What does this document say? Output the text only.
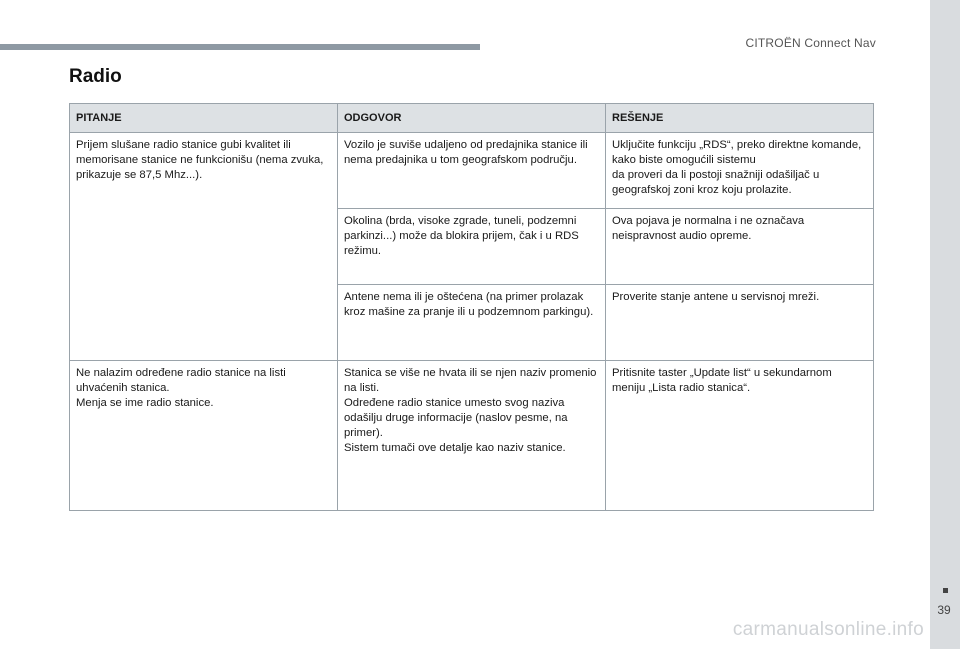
CITROËN Connect Nav
39
carmanualsonline.info
Radio
PITANJE	ODGOVOR	REŠENJE
Prijem slušane radio stanice gubi kvalitet ili memorisane stanice ne funkcionišu (nema zvuka, prikazuje se 87,5 Mhz...).	Vozilo je suviše udaljeno od predajnika stanice ili nema predajnika u tom geografskom području.	Uključite funkciju „RDS“, preko direktne komande, kako biste omogućili sistemu
da proveri da li postoji snažniji odašiljač u geografskoj zoni kroz koju prolazite.
	Okolina (brda, visoke zgrade, tuneli, podzemni parkinzi...) može da blokira prijem, čak i u RDS režimu.	Ova pojava je normalna i ne označava neispravnost audio opreme.
	Antene nema ili je oštećena (na primer prolazak kroz mašine za pranje ili u podzemnom parkingu).	Proverite stanje antene u servisnoj mreži.
Ne nalazim određene radio stanice na listi uhvaćenih stanica.
Menja se ime radio stanice.	Stanica se više ne hvata ili se njen naziv promenio na listi.
Određene radio stanice umesto svog naziva odašilju druge informacije (naslov pesme, na primer).
Sistem tumači ove detalje kao naziv stanice.	Pritisnite taster „Update list“ u sekundarnom meniju „Lista radio stanica“.
